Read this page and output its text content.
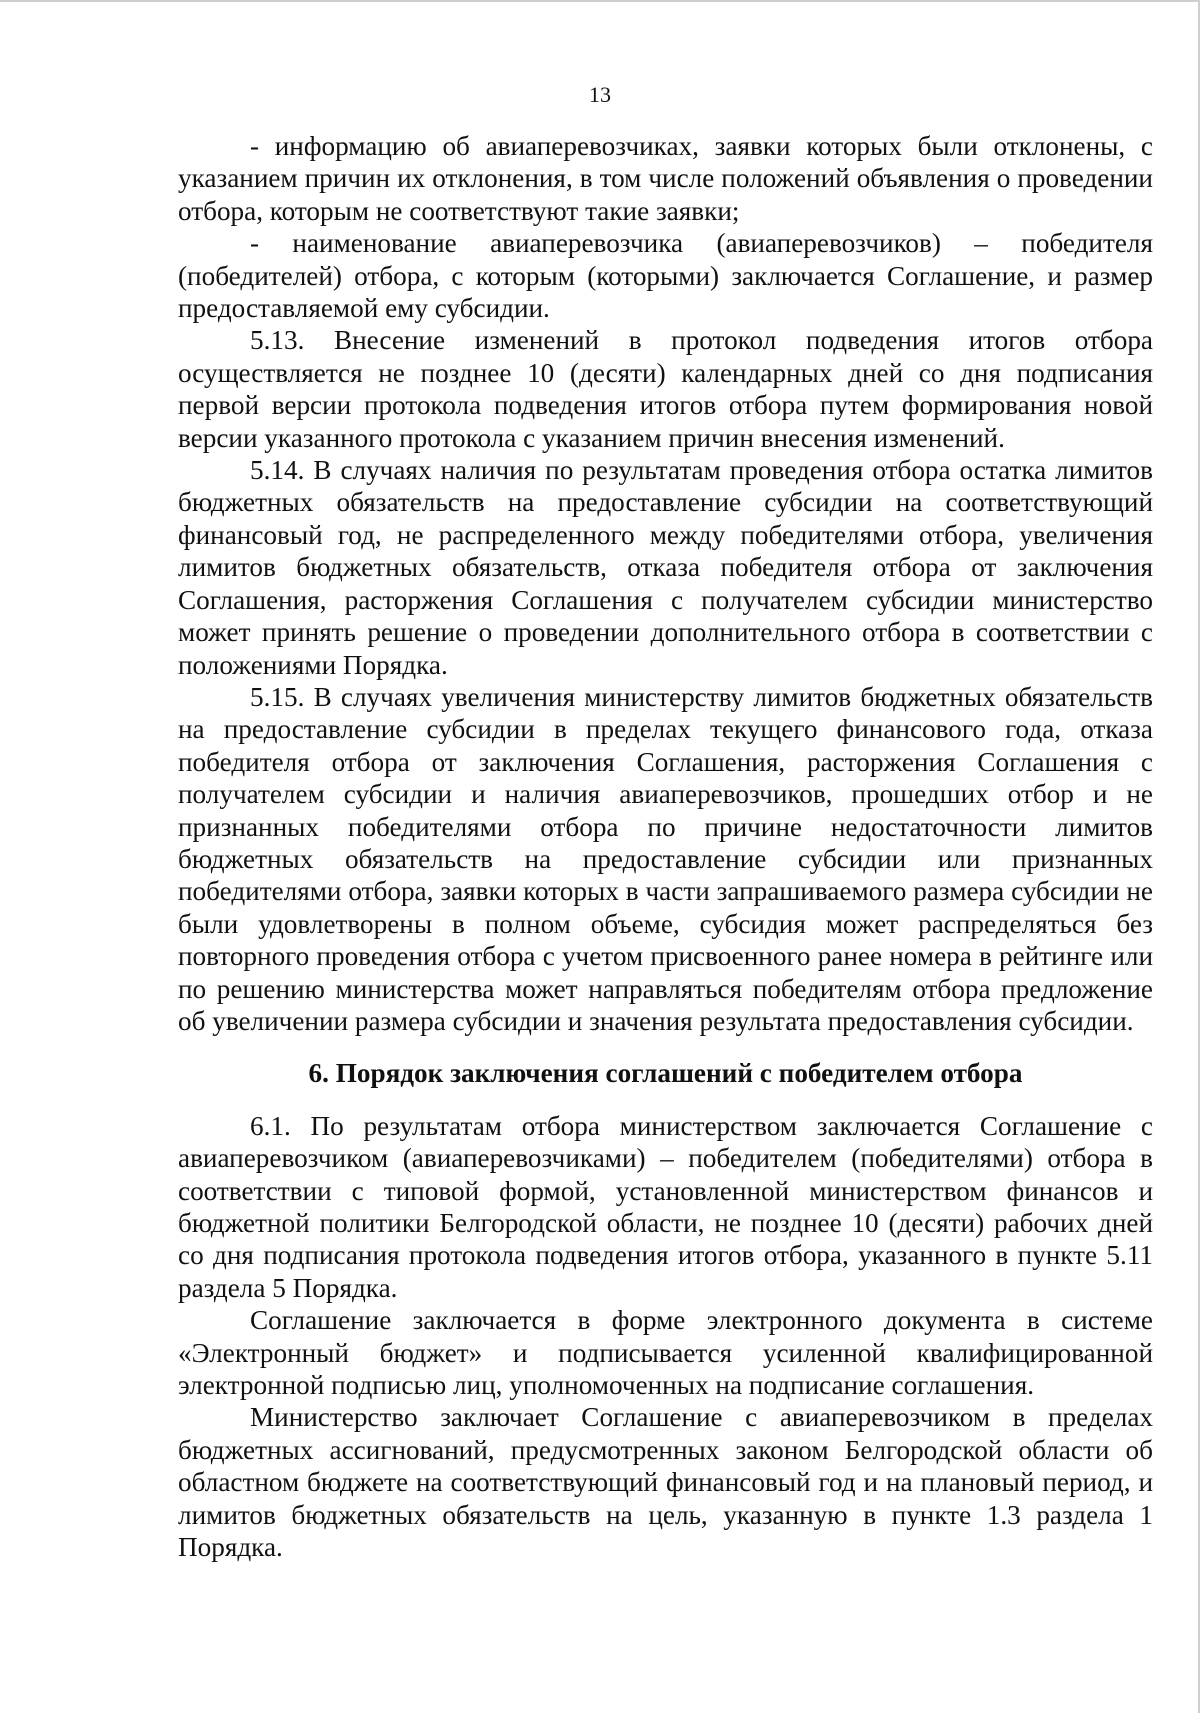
13

- информацию об авиаперевозчиках, заявки которых были отклонены, с указанием причин их отклонения, в том числе положений объявления о проведении отбора, которым не соответствуют такие заявки;

- наименование авиаперевозчика (авиаперевозчиков) – победителя (победителей) отбора, с которым (которыми) заключается Соглашение, и размер предоставляемой ему субсидии.

5.13. Внесение изменений в протокол подведения итогов отбора осуществляется не позднее 10 (десяти) календарных дней со дня подписания первой версии протокола подведения итогов отбора путем формирования новой версии указанного протокола с указанием причин внесения изменений.

5.14. В случаях наличия по результатам проведения отбора остатка лимитов бюджетных обязательств на предоставление субсидии на соответствующий финансовый год, не распределенного между победителями отбора, увеличения лимитов бюджетных обязательств, отказа победителя отбора от заключения Соглашения, расторжения Соглашения с получателем субсидии министерство может принять решение о проведении дополнительного отбора в соответствии с положениями Порядка.

5.15. В случаях увеличения министерству лимитов бюджетных обязательств на предоставление субсидии в пределах текущего финансового года, отказа победителя отбора от заключения Соглашения, расторжения Соглашения с получателем субсидии и наличия авиаперевозчиков, прошедших отбор и не признанных победителями отбора по причине недостаточности лимитов бюджетных обязательств на предоставление субсидии или признанных победителями отбора, заявки которых в части запрашиваемого размера субсидии не были удовлетворены в полном объеме, субсидия может распределяться без повторного проведения отбора с учетом присвоенного ранее номера в рейтинге или по решению министерства может направляться победителям отбора предложение об увеличении размера субсидии и значения результата предоставления субсидии.

6. Порядок заключения соглашений с победителем отбора

6.1. По результатам отбора министерством заключается Соглашение с авиаперевозчиком (авиаперевозчиками) – победителем (победителями) отбора в соответствии с типовой формой, установленной министерством финансов и бюджетной политики Белгородской области, не позднее 10 (десяти) рабочих дней со дня подписания протокола подведения итогов отбора, указанного в пункте 5.11 раздела 5 Порядка.

Соглашение заключается в форме электронного документа в системе «Электронный бюджет» и подписывается усиленной квалифицированной электронной подписью лиц, уполномоченных на подписание соглашения.

Министерство заключает Соглашение с авиаперевозчиком в пределах бюджетных ассигнований, предусмотренных законом Белгородской области об областном бюджете на соответствующий финансовый год и на плановый период, и лимитов бюджетных обязательств на цель, указанную в пункте 1.3 раздела 1 Порядка.
